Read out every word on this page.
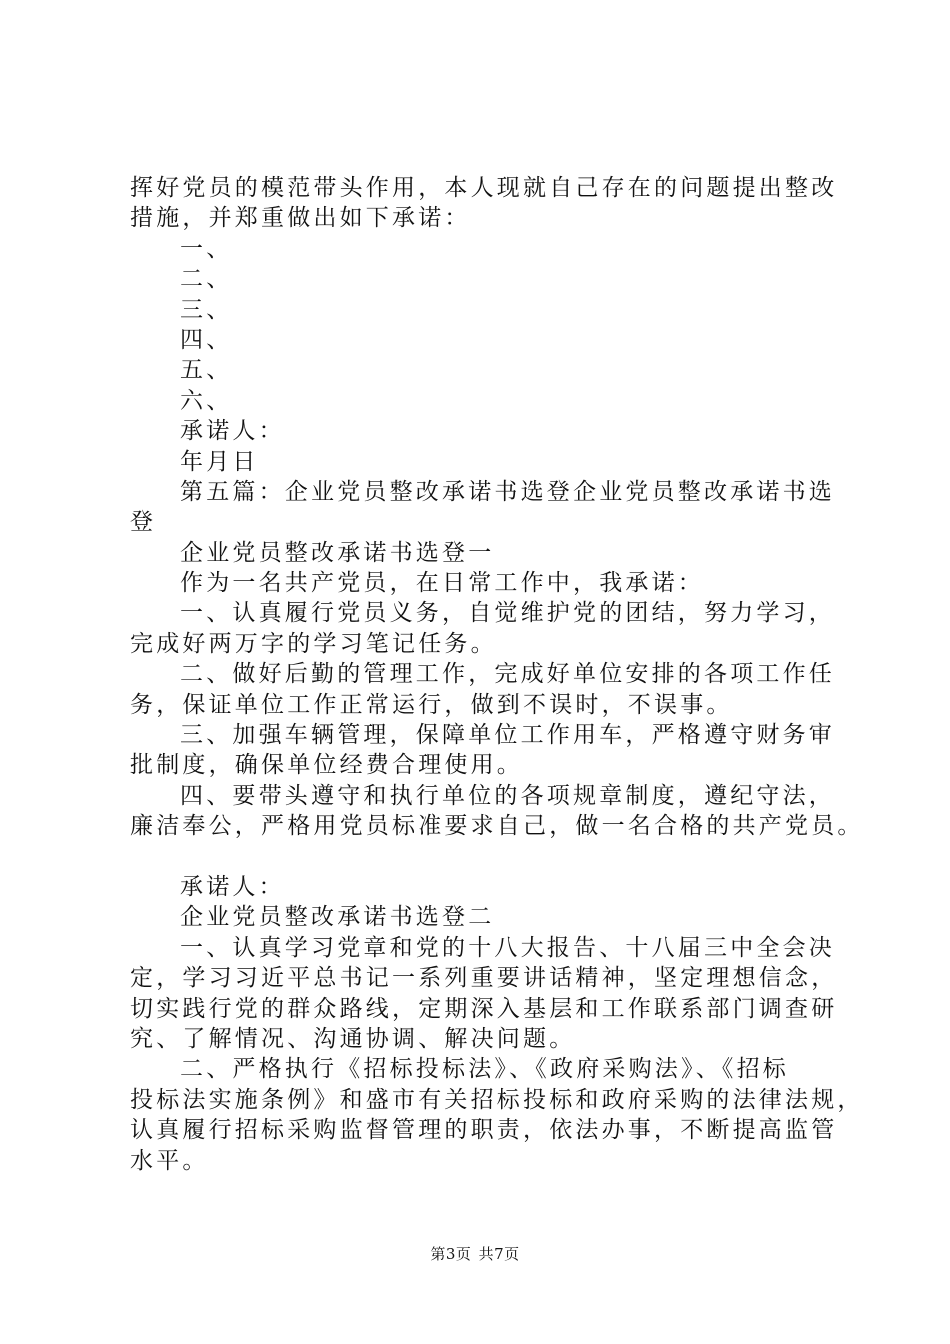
挥好党员的模范带头作用，本人现就自己存在的问题提出整改
措施，并郑重做出如下承诺：
一、
二、
三、
四、
五、
六、
承诺人：
年月日
第五篇：企业党员整改承诺书选登企业党员整改承诺书选
登
企业党员整改承诺书选登一
作为一名共产党员，在日常工作中，我承诺：
一、认真履行党员义务，自觉维护党的团结，努力学习，
完成好两万字的学习笔记任务。
二、做好后勤的管理工作，完成好单位安排的各项工作任
务，保证单位工作正常运行，做到不误时，不误事。
三、加强车辆管理，保障单位工作用车，严格遵守财务审
批制度，确保单位经费合理使用。
四、要带头遵守和执行单位的各项规章制度，遵纪守法，
廉洁奉公，严格用党员标准要求自己，做一名合格的共产党员。
承诺人：
企业党员整改承诺书选登二
一、认真学习党章和党的十八大报告、十八届三中全会决
定，学习习近平总书记一系列重要讲话精神，坚定理想信念，
切实践行党的群众路线，定期深入基层和工作联系部门调查研
究、了解情况、沟通协调、解决问题。
二、严格执行《招标投标法》、《政府采购法》、《招标
投标法实施条例》和盛市有关招标投标和政府采购的法律法规，
认真履行招标采购监督管理的职责，依法办事，不断提高监管
水平。
第3页 共7页
